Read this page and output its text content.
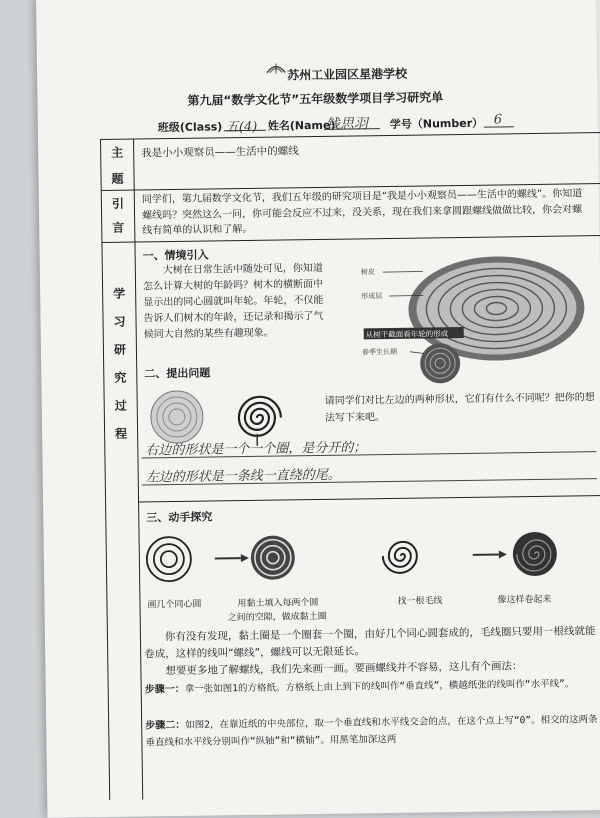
苏州工业园区星港学校
第九届“数学文化节”五年级数学项目学习研究单
班级(Class) 五(4) 姓名(Name)
钱思羽 学号（Number） 6
主
题
我是小小观察员——生活中的螺线
引
言
同学们，第九届数学文化节，我们五年级的研究项目是“我是小小观察员——生活中的螺线”。你知道螺线吗？突然这么一问，你可能会反应不过来，没关系，现在我们来拿圆跟螺线做做比较，你会对螺线有简单的认识和了解。
学
习
研
究
过
程
一、情境引入
大树在日常生活中随处可见，你知道怎么计算大树的年龄吗？树木的横断面中显示出的同心圆就叫年轮。年轮，不仅能告诉人们树木的年龄，还记录和揭示了气候同大自然的某些有趣现象。	从树干截面看年轮的形成
树皮
形成层
春季生长期
二、提出问题
请同学们对比左边的两种形状，它们有什么不同呢？把你的想法写下来吧。
右边的形状是一个一个圈，是分开的；
左边的形状是一条线一直绕的尾。
三、动手探究
画几个同心圆	用黏土填入每两个圆
之间的空隙，做成黏土圈
找一根毛线	像这样卷起来
你有没有发现，黏土圈是一个圈套一个圈，由好几个同心圆套成的，毛线圈只要用一根线就能卷成，这样的线叫“螺线”，螺线可以无限延长。
想要更多地了解螺线，我们先来画一画。要画螺线并不容易，这儿有个画法：
步骤一：拿一张如图1的方格纸。方格纸上由上到下的线叫作“垂直线”，横越纸张的线叫作“水平线”。
步骤二：如图2，在靠近纸的中央部位，取一个垂直线和水平线交会的点，在这个点上写“0”。相交的这两条垂直线和水平线分别叫作“纵轴”和“横轴”。用黑笔加深这两
